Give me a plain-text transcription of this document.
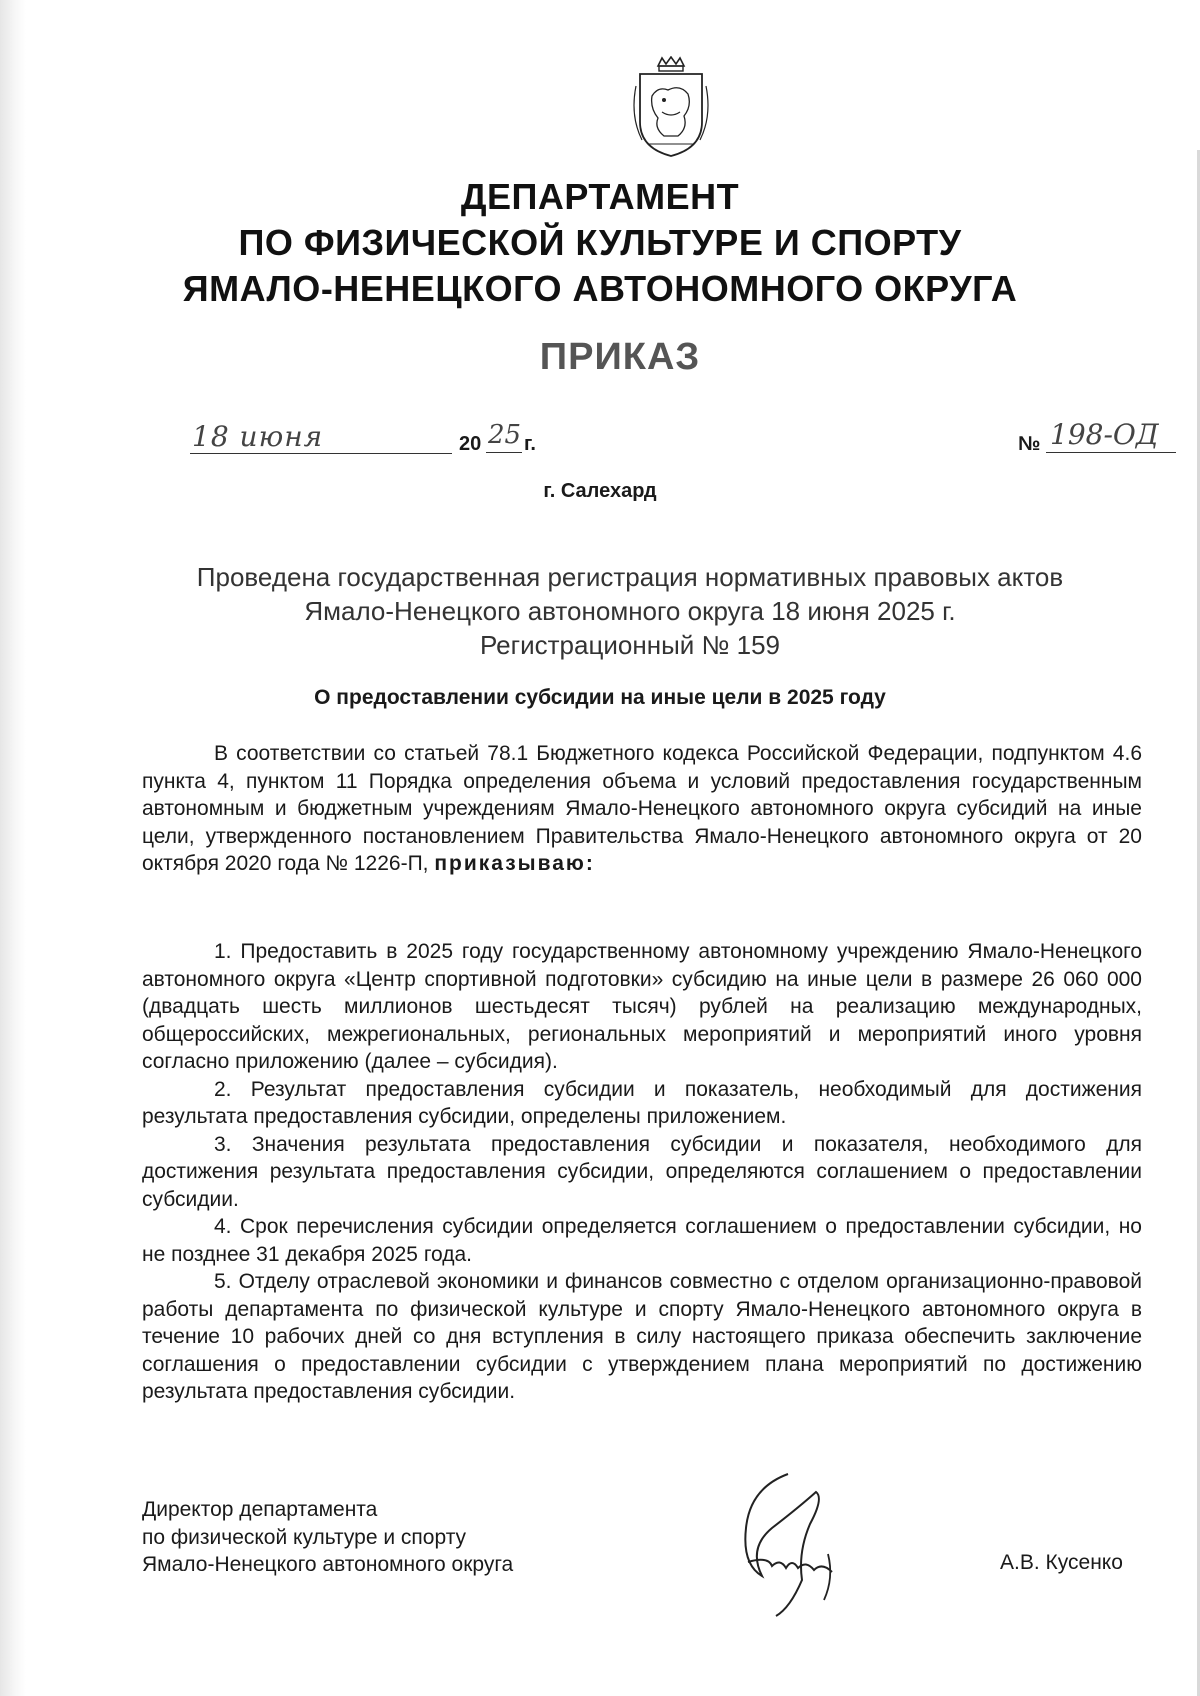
ДЕПАРТАМЕНТ
ПО ФИЗИЧЕСКОЙ КУЛЬТУРЕ И СПОРТУ
ЯМАЛО-НЕНЕЦКОГО АВТОНОМНОГО ОКРУГА
ПРИКАЗ
18 июня	20 25 г.	№ 198-ОД
г. Салехард
Проведена государственная регистрация нормативных правовых актов
Ямало-Ненецкого автономного округа 18 июня 2025 г.
Регистрационный № 159
О предоставлении субсидии на иные цели в 2025 году

В соответствии со статьей 78.1 Бюджетного кодекса Российской Федерации, подпунктом 4.6 пункта 4, пунктом 11 Порядка определения объема и условий предоставления государственным автономным и бюджетным учреждениям Ямало-Ненецкого автономного округа субсидий на иные цели, утвержденного постановлением Правительства Ямало-Ненецкого автономного округа от 20 октября 2020 года № 1226-П, приказываю:

1. Предоставить в 2025 году государственному автономному учреждению Ямало-Ненецкого автономного округа «Центр спортивной подготовки» субсидию на иные цели в размере 26 060 000 (двадцать шесть миллионов шестьдесят тысяч) рублей на реализацию международных, общероссийских, межрегиональных, региональных мероприятий и мероприятий иного уровня согласно приложению (далее – субсидия).

2. Результат предоставления субсидии и показатель, необходимый для достижения результата предоставления субсидии, определены приложением.

3. Значения результата предоставления субсидии и показателя, необходимого для достижения результата предоставления субсидии, определяются соглашением о предоставлении субсидии.

4. Срок перечисления субсидии определяется соглашением о предоставлении субсидии, но не позднее 31 декабря 2025 года.

5. Отделу отраслевой экономики и финансов совместно с отделом организационно-правовой работы департамента по физической культуре и спорту Ямало-Ненецкого автономного округа в течение 10 рабочих дней со дня вступления в силу настоящего приказа обеспечить заключение соглашения о предоставлении субсидии с утверждением плана мероприятий по достижению результата предоставления субсидии.

Директор департамента
по физической культуре и спорту
Ямало-Ненецкого автономного округа	А.В. Кусенко
